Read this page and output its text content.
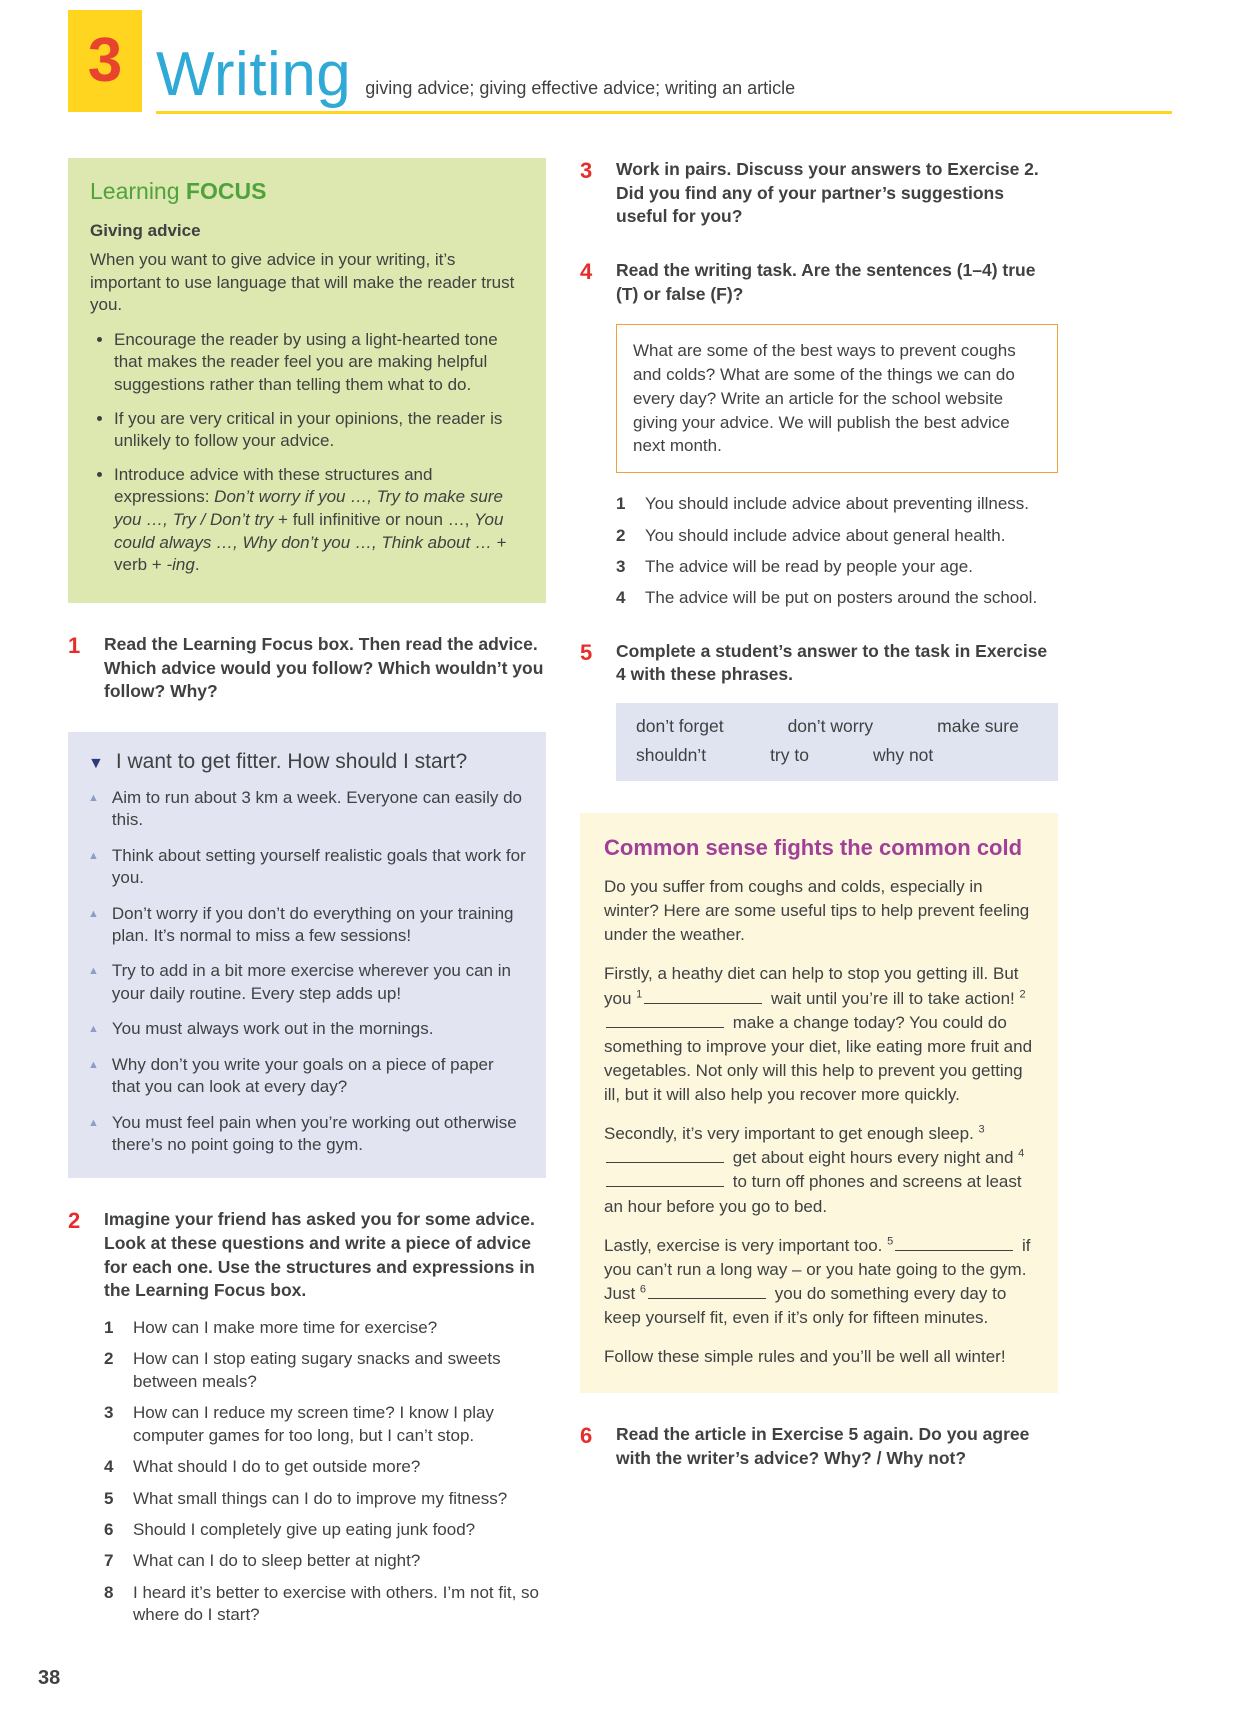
3 Writing giving advice; giving effective advice; writing an article
Learning FOCUS
Giving advice

When you want to give advice in your writing, it’s important to use language that will make the reader trust you.

• Encourage the reader by using a light-hearted tone that makes the reader feel you are making helpful suggestions rather than telling them what to do.
• If you are very critical in your opinions, the reader is unlikely to follow your advice.
• Introduce advice with these structures and expressions: Don’t worry if you …, Try to make sure you …, Try / Don’t try + full infinitive or noun …, You could always …, Why don’t you …, Think about … + verb + -ing.
1	Read the Learning Focus box. Then read the advice. Which advice would you follow? Which wouldn’t you follow? Why?

▼ I want to get fitter. How should I start?
▲ Aim to run about 3 km a week. Everyone can easily do this.
▲ Think about setting yourself realistic goals that work for you.
▲ Don’t worry if you don’t do everything on your training plan. It’s normal to miss a few sessions!
▲ Try to add in a bit more exercise wherever you can in your daily routine. Every step adds up!
▲ You must always work out in the mornings.
▲ Why don’t you write your goals on a piece of paper that you can look at every day?
▲ You must feel pain when you’re working out otherwise there’s no point going to the gym.
2	Imagine your friend has asked you for some advice. Look at these questions and write a piece of advice for each one. Use the structures and expressions in the Learning Focus box.

1	How can I make more time for exercise?
2	How can I stop eating sugary snacks and sweets between meals?
3	How can I reduce my screen time? I know I play computer games for too long, but I can’t stop.
4	What should I do to get outside more?
5	What small things can I do to improve my fitness?
6	Should I completely give up eating junk food?
7	What can I do to sleep better at night?
8	I heard it’s better to exercise with others. I’m not fit, so where do I start?
3	Work in pairs. Discuss your answers to Exercise 2. Did you find any of your partner’s suggestions useful for you?

4	Read the writing task. Are the sentences (1–4) true (T) or false (F)?

What are some of the best ways to prevent coughs and colds? What are some of the things we can do every day? Write an article for the school website giving your advice. We will publish the best advice next month.
1	You should include advice about preventing illness.
2	You should include advice about general health.
3	The advice will be read by people your age.
4	The advice will be put on posters around the school.
5	Complete a student’s answer to the task in Exercise 4 with these phrases.

don’t forget	don’t worry	make sure
shouldn’t	try to	why not
Common sense fights the common cold

Do you suffer from coughs and colds, especially in winter? Here are some useful tips to help prevent feeling under the weather.

Firstly, a heathy diet can help to stop you getting ill. But you $^1$	wait until you’re ill to take action! $^2$ make a change today? You could do something to improve your diet, like eating more fruit and vegetables. Not only will this help to prevent you getting ill, but it will also help you recover more quickly.

Secondly, it’s very important to get enough sleep. $^3$ get about eight hours every night and $^4$ to turn off phones and screens at least an hour before you go to bed.

Lastly, exercise is very important too. $^5$	if you can’t run a long way – or you hate going to the gym. Just $^6$	you do something every day to keep yourself fit, even if it’s only for fifteen minutes.

Follow these simple rules and you’ll be well all winter!

6	Read the article in Exercise 5 again. Do you agree with the writer’s advice? Why? / Why not?

38
